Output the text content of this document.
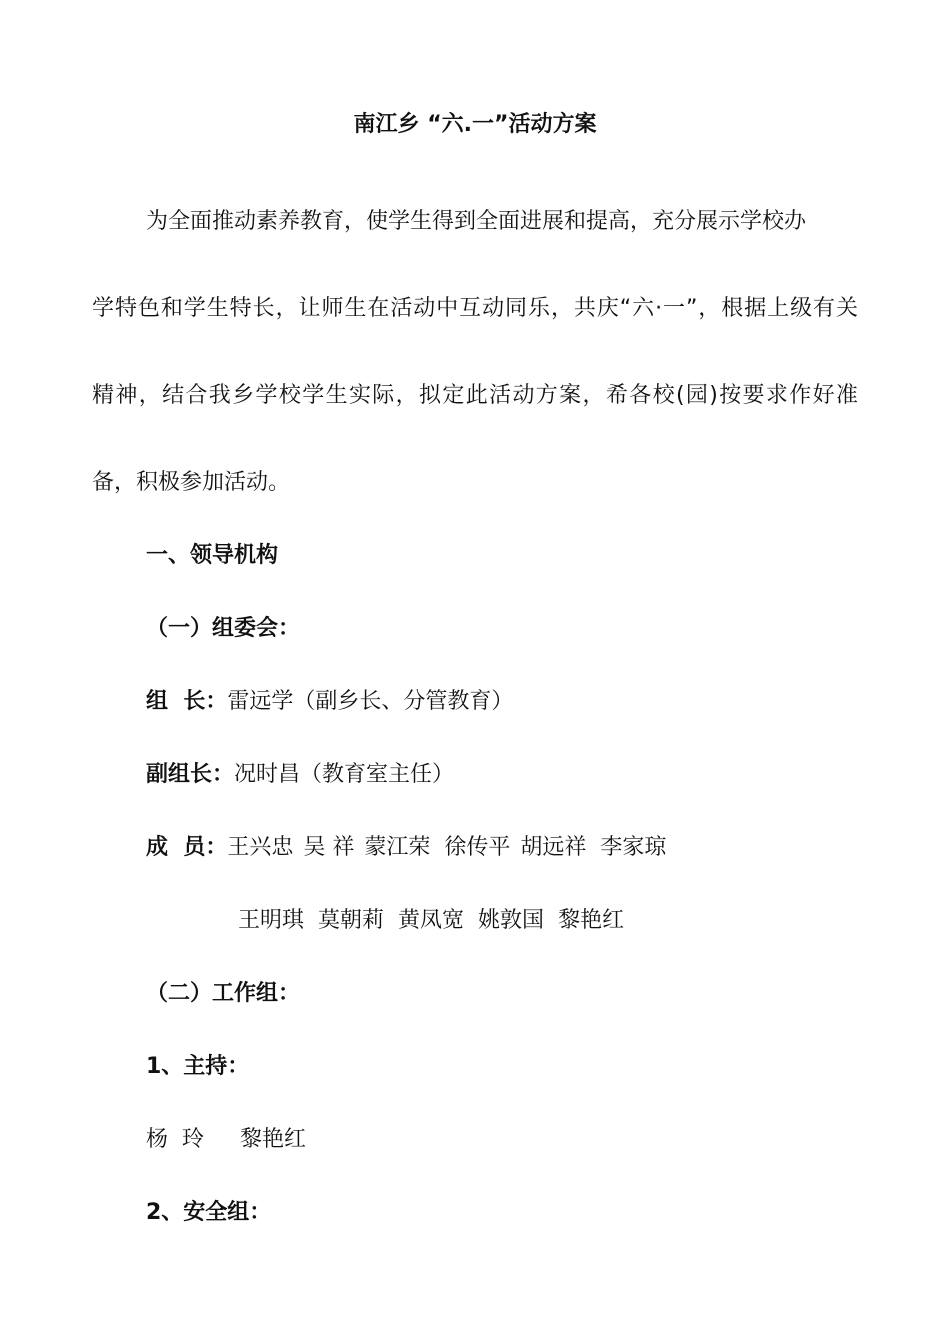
南江乡 “六.一”活动方案
为全面推动素养教育，使学生得到全面进展和提高，充分展示学校办
学特色和学生特长，让师生在活动中互动同乐，共庆“六·一”，根据上级有关
精神，结合我乡学校学生实际，拟定此活动方案，希各校(园)按要求作好准
备，积极参加活动。
一、领导机构
（一）组委会：
组  长：雷远学（副乡长、分管教育）
副组长：况时昌（教育室主任）
成  员：王兴忠 吴 祥 蒙江荣 徐传平 胡远祥 李家琼
王明琪 莫朝莉 黄凤宽 姚敦国 黎艳红
（二）工作组：
1、主持：
杨  玲 黎艳红
2、安全组：
